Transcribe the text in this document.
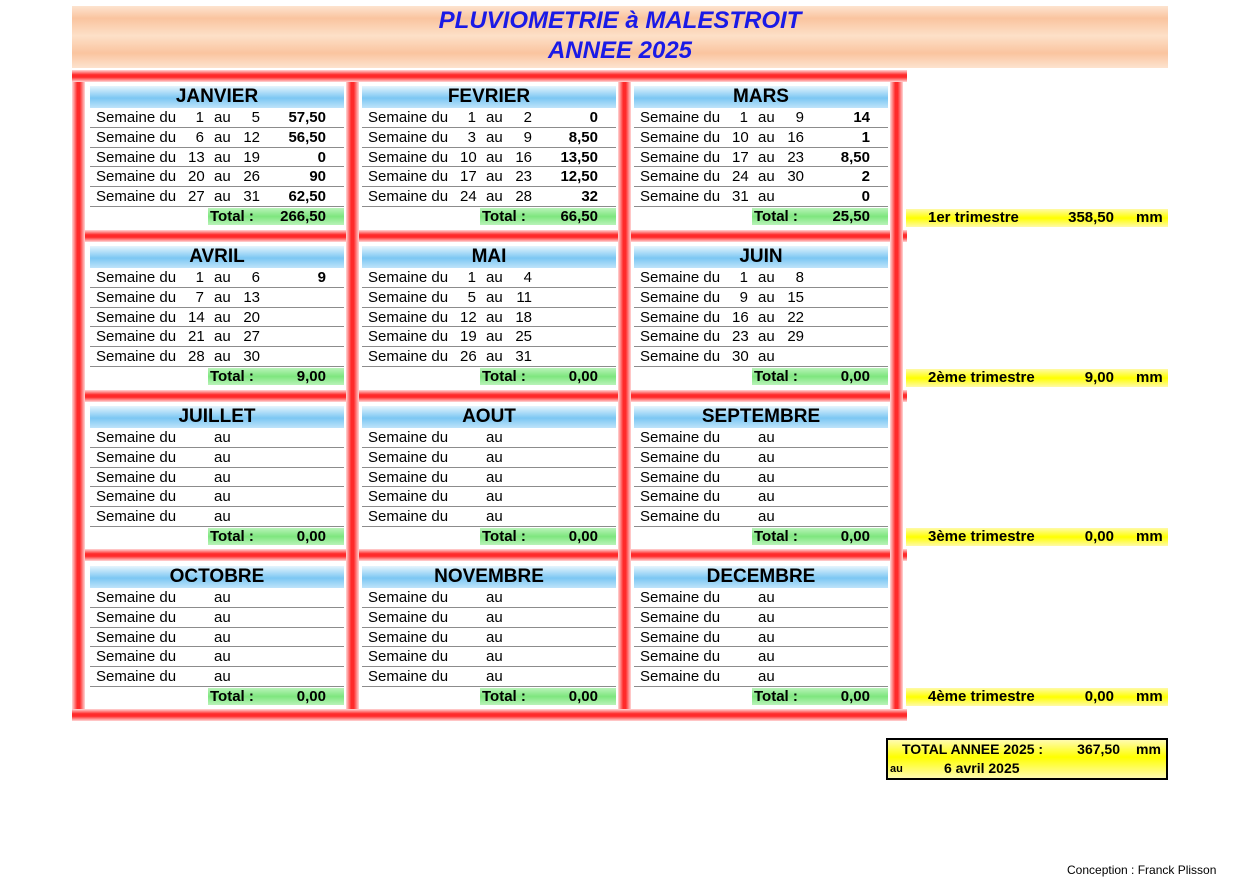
PLUVIOMETRIE à MALESTROIT
ANNEE 2025
JANVIER
Semaine du	1 au	5	57,50
Semaine du	6 au 12	56,50
Semaine du 13 au 19	0
Semaine du 20 au 26	90
Semaine du 27 au 31	62,50
Total :	266,50
FEVRIER
Semaine du	1 au	2	0
Semaine du	3 au	9	8,50
Semaine du 10 au 16	13,50
Semaine du 17 au 23	12,50
Semaine du 24 au 28	32
Total :	66,50
MARS
Semaine du	1 au	9	14
Semaine du 10 au 16	1
Semaine du 17 au 23	8,50
Semaine du 24 au 30	2
Semaine du 31 au	0
Total :	25,50
AVRIL
Semaine du	1 au	6	9
Semaine du	7 au 13
Semaine du 14 au 20
Semaine du 21 au 27
Semaine du 28 au 30
Total :	9,00
MAI
Semaine du	1 au	4
Semaine du	5 au 11
Semaine du 12 au 18
Semaine du 19 au 25
Semaine du 26 au 31
Total :	0,00
JUIN
Semaine du	1 au	8
Semaine du	9 au 15
Semaine du 16 au 22
Semaine du 23 au 29
Semaine du 30 au
Total :	0,00
JUILLET
Semaine du	au
Semaine du	au
Semaine du	au
Semaine du	au
Semaine du	au
Total :	0,00
AOUT
Semaine du	au
Semaine du	au
Semaine du	au
Semaine du	au
Semaine du	au
Total :	0,00
SEPTEMBRE
Semaine du	au
Semaine du	au
Semaine du	au
Semaine du	au
Semaine du	au
Total :	0,00
OCTOBRE
Semaine du	au
Semaine du	au
Semaine du	au
Semaine du	au
Semaine du	au
Total :	0,00
NOVEMBRE
Semaine du	au
Semaine du	au
Semaine du	au
Semaine du	au
Semaine du	au
Total :	0,00
DECEMBRE
Semaine du	au
Semaine du	au
Semaine du	au
Semaine du	au
Semaine du	au
Total :	0,00
1er trimestre	358,50 mm
2ème trimestre	9,00 mm
3ème trimestre	0,00 mm
4ème trimestre	0,00 mm
TOTAL ANNEE 2025 :	367,50 mm
au	6 avril 2025
Conception : Franck Plisson
